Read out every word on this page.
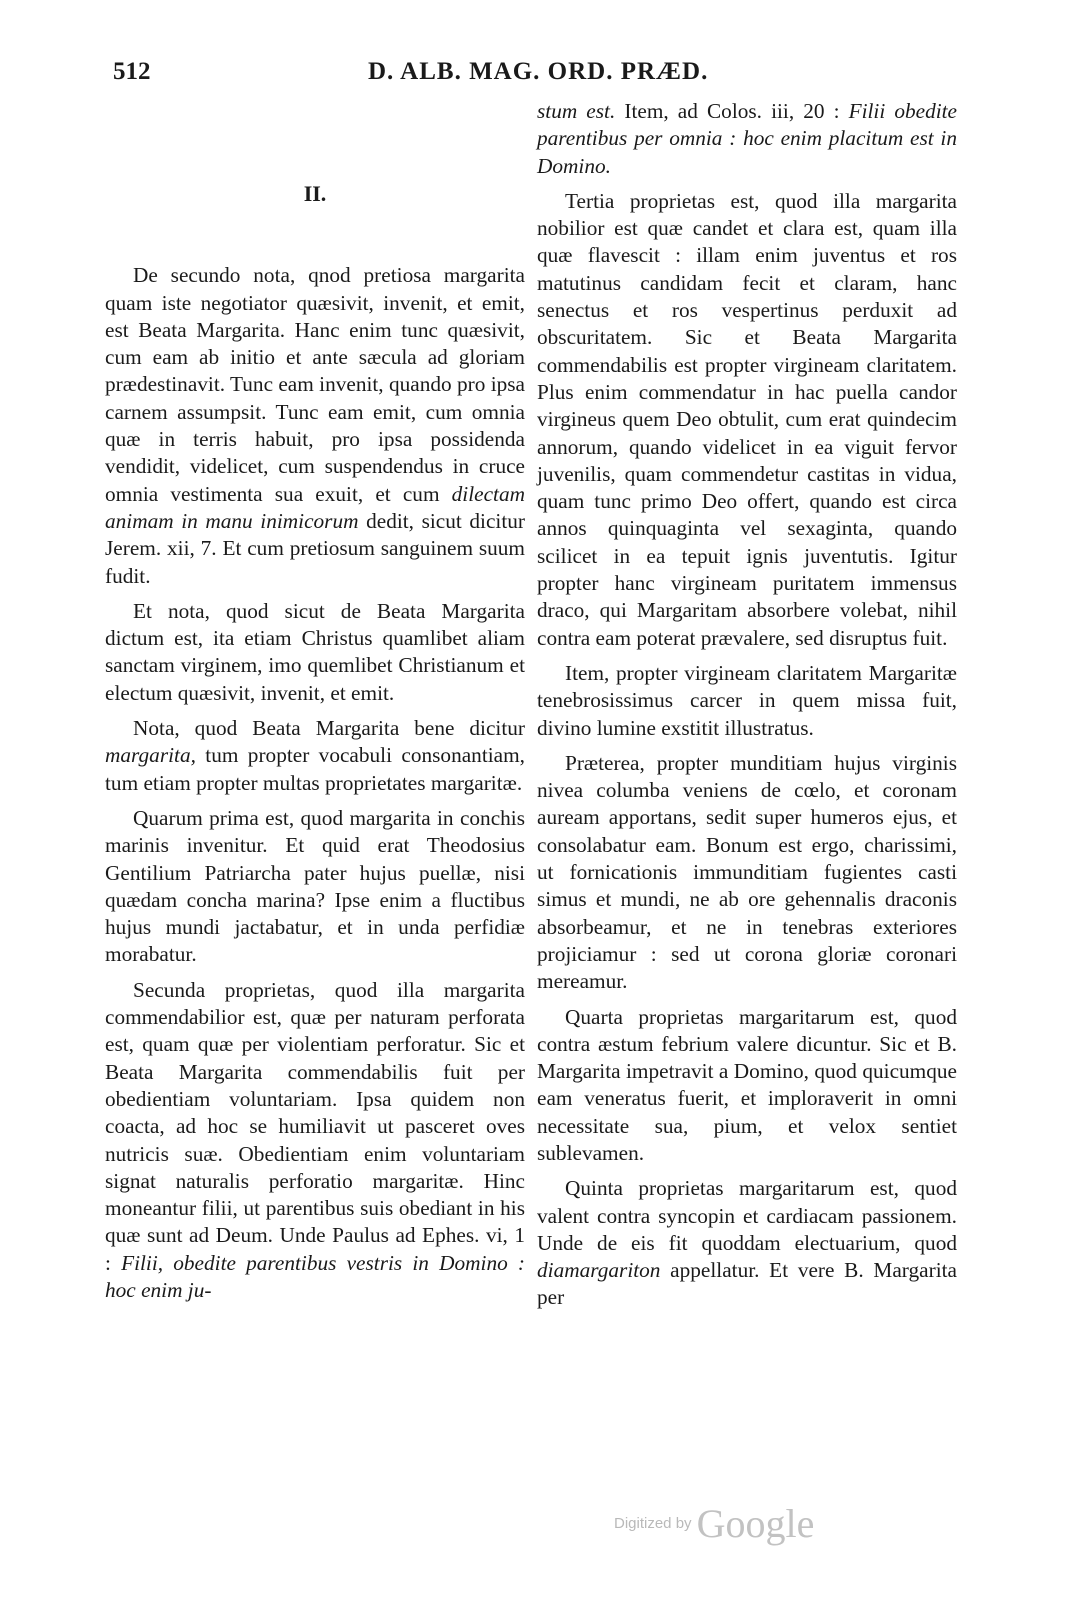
512	D. ALB. MAG. ORD. PRÆD.
II.

De secundo nota, qnod pretiosa margarita quam iste negotiator quæsivit, invenit, et emit, est Beata Margarita. Hanc enim tunc quæsivit, cum eam ab initio et ante sæcula ad gloriam prædestinavit. Tunc eam invenit, quando pro ipsa carnem assumpsit. Tunc eam emit, cum omnia quæ in terris habuit, pro ipsa possidenda vendidit, videlicet, cum suspendendus in cruce omnia vestimenta sua exuit, et cum dilectam animam in manu inimicorum dedit, sicut dicitur Jerem. xii, 7. Et cum pretiosum sanguinem suum fudit.

Et nota, quod sicut de Beata Margarita dictum est, ita etiam Christus quamlibet aliam sanctam virginem, imo quemlibet Christianum et electum quæsivit, invenit, et emit.

Nota, quod Beata Margarita bene dicitur margarita, tum propter vocabuli consonantiam, tum etiam propter multas proprietates margaritæ.

Quarum prima est, quod margarita in conchis marinis invenitur. Et quid erat Theodosius Gentilium Patriarcha pater hujus puellæ, nisi quædam concha marina? Ipse enim a fluctibus hujus mundi jactabatur, et in unda perfidiæ morabatur.

Secunda proprietas, quod illa margarita commendabilior est, quæ per naturam perforata est, quam quæ per violentiam perforatur. Sic et Beata Margarita commendabilis fuit per obedientiam voluntariam. Ipsa quidem non coacta, ad hoc se humiliavit ut pasceret oves nutricis suæ. Obedientiam enim voluntariam signat naturalis perforatio margaritæ. Hinc moneantur filii, ut parentibus suis obediant in his quæ sunt ad Deum. Unde Paulus ad Ephes. vi, 1 : Filii, obedite parentibus vestris in Domino : hoc enim ju-

stum est. Item, ad Colos. iii, 20 : Filii obedite parentibus per omnia : hoc enim placitum est in Domino.

Tertia proprietas est, quod illa margarita nobilior est quæ candet et clara est, quam illa quæ flavescit : illam enim juventus et ros matutinus candidam fecit et claram, hanc senectus et ros vespertinus perduxit ad obscuritatem. Sic et Beata Margarita commendabilis est propter virgineam claritatem. Plus enim commendatur in hac puella candor virgineus quem Deo obtulit, cum erat quindecim annorum, quando videlicet in ea viguit fervor juvenilis, quam commendetur castitas in vidua, quam tunc primo Deo offert, quando est circa annos quinquaginta vel sexaginta, quando scilicet in ea tepuit ignis juventutis. Igitur propter hanc virgineam puritatem immensus draco, qui Margaritam absorbere volebat, nihil contra eam poterat prævalere, sed disruptus fuit.

Item, propter virgineam claritatem Margaritæ tenebrosissimus carcer in quem missa fuit, divino lumine exstitit illustratus.

Præterea, propter munditiam hujus virginis nivea columba veniens de cœlo, et coronam auream apportans, sedit super humeros ejus, et consolabatur eam. Bonum est ergo, charissimi, ut fornicationis immunditiam fugientes casti simus et mundi, ne ab ore gehennalis draconis absorbeamur, et ne in tenebras exteriores projiciamur : sed ut corona gloriæ coronari mereamur.

Quarta proprietas margaritarum est, quod contra æstum febrium valere dicuntur. Sic et B. Margarita impetravit a Domino, quod quicumque eam veneratus fuerit, et imploraverit in omni necessitate sua, pium, et velox sentiet sublevamen.

Quinta proprietas margaritarum est, quod valent contra syncopin et cardiacam passionem. Unde de eis fit quoddam electuarium, quod diamargariton appellatur. Et vere B. Margarita per

Digitized by Google
